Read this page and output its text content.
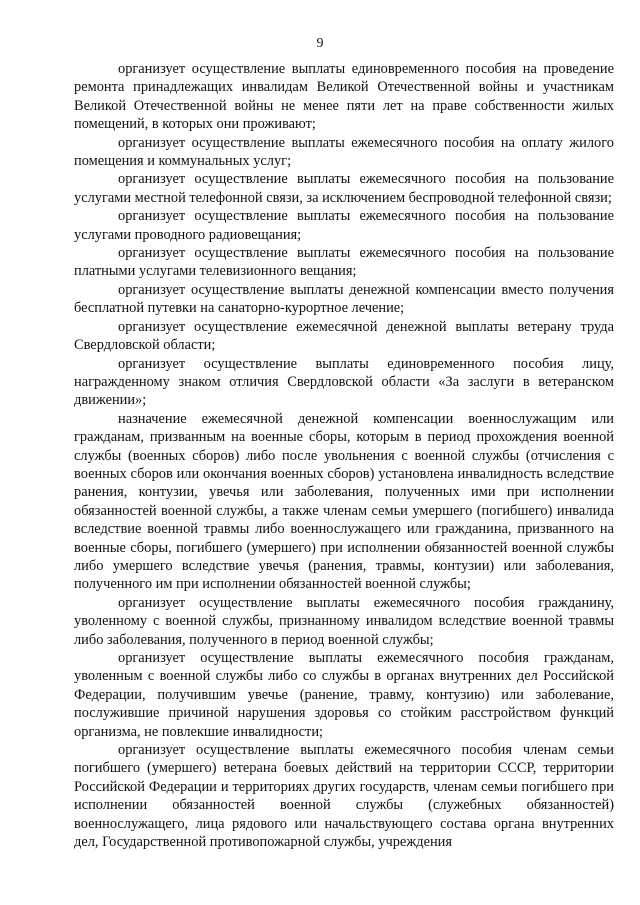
9

организует осуществление выплаты единовременного пособия на проведение ремонта принадлежащих инвалидам Великой Отечественной войны и участникам Великой Отечественной войны не менее пяти лет на праве собственности жилых помещений, в которых они проживают;

организует осуществление выплаты ежемесячного пособия на оплату жилого помещения и коммунальных услуг;

организует осуществление выплаты ежемесячного пособия на пользование услугами местной телефонной связи, за исключением беспроводной телефонной связи;

организует осуществление выплаты ежемесячного пособия на пользование услугами проводного радиовещания;

организует осуществление выплаты ежемесячного пособия на пользование платными услугами телевизионного вещания;

организует осуществление выплаты денежной компенсации вместо получения бесплатной путевки на санаторно-курортное лечение;

организует осуществление ежемесячной денежной выплаты ветерану труда Свердловской области;

организует осуществление выплаты единовременного пособия лицу, награжденному знаком отличия Свердловской области «За заслуги в ветеранском движении»;

назначение ежемесячной денежной компенсации военнослужащим или гражданам, призванным на военные сборы, которым в период прохождения военной службы (военных сборов) либо после увольнения с военной службы (отчисления с военных сборов или окончания военных сборов) установлена инвалидность вследствие ранения, контузии, увечья или заболевания, полученных ими при исполнении обязанностей военной службы, а также членам семьи умершего (погибшего) инвалида вследствие военной травмы либо военнослужащего или гражданина, призванного на военные сборы, погибшего (умершего) при исполнении обязанностей военной службы либо умершего вследствие увечья (ранения, травмы, контузии) или заболевания, полученного им при исполнении обязанностей военной службы;

организует осуществление выплаты ежемесячного пособия гражданину, уволенному с военной службы, признанному инвалидом вследствие военной травмы либо заболевания, полученного в период военной службы;

организует осуществление выплаты ежемесячного пособия гражданам, уволенным с военной службы либо со службы в органах внутренних дел Российской Федерации, получившим увечье (ранение, травму, контузию) или заболевание, послужившие причиной нарушения здоровья со стойким расстройством функций организма, не повлекшие инвалидности;

организует осуществление выплаты ежемесячного пособия членам семьи погибшего (умершего) ветерана боевых действий на территории СССР, территории Российской Федерации и территориях других государств, членам семьи погибшего при исполнении обязанностей военной службы (служебных обязанностей) военнослужащего, лица рядового или начальствующего состава органа внутренних дел, Государственной противопожарной службы, учреждения
